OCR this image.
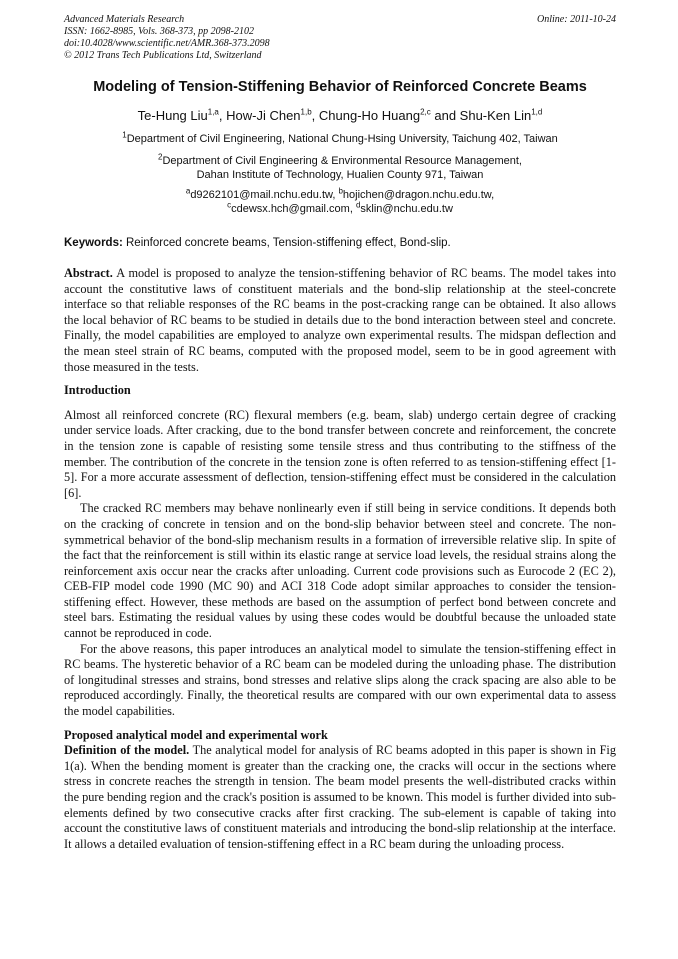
Advanced Materials Research
ISSN: 1662-8985, Vols. 368-373, pp 2098-2102
doi:10.4028/www.scientific.net/AMR.368-373.2098
© 2012 Trans Tech Publications Ltd, Switzerland
Online: 2011-10-24
Modeling of Tension-Stiffening Behavior of Reinforced Concrete Beams
Te-Hung Liu$^{1,a}$, How-Ji Chen$^{1,b}$, Chung-Ho Huang$^{2,c}$ and Shu-Ken Lin$^{1,d}$
$^1$Department of Civil Engineering, National Chung-Hsing University, Taichung 402, Taiwan
$^2$Department of Civil Engineering & Environmental Resource Management,
Dahan Institute of Technology, Hualien County 971, Taiwan
$^a$d9262101@mail.nchu.edu.tw, $^b$hojichen@dragon.nchu.edu.tw,
$^c$cdewsx.hch@gmail.com, $^d$sklin@nchu.edu.tw
Keywords: Reinforced concrete beams, Tension-stiffening effect, Bond-slip.

Abstract. A model is proposed to analyze the tension-stiffening behavior of RC beams. The model takes into account the constitutive laws of constituent materials and the bond-slip relationship at the steel-concrete interface so that reliable responses of the RC beams in the post-cracking range can be obtained. It also allows the local behavior of RC beams to be studied in details due to the bond interaction between steel and concrete. Finally, the model capabilities are employed to analyze own experimental results. The midspan deflection and the mean steel strain of RC beams, computed with the proposed model, seem to be in good agreement with those measured in the tests.

Introduction

Almost all reinforced concrete (RC) flexural members (e.g. beam, slab) undergo certain degree of cracking under service loads. After cracking, due to the bond transfer between concrete and reinforcement, the concrete in the tension zone is capable of resisting some tensile stress and thus contributing to the stiffness of the member. The contribution of the concrete in the tension zone is often referred to as tension-stiffening effect [1-5]. For a more accurate assessment of deflection, tension-stiffening effect must be considered in the calculation [6].

The cracked RC members may behave nonlinearly even if still being in service conditions. It depends both on the cracking of concrete in tension and on the bond-slip behavior between steel and concrete. The non-symmetrical behavior of the bond-slip mechanism results in a formation of irreversible relative slip. In spite of the fact that the reinforcement is still within its elastic range at service load levels, the residual strains along the reinforcement axis occur near the cracks after unloading. Current code provisions such as Eurocode 2 (EC 2), CEB-FIP model code 1990 (MC 90) and ACI 318 Code adopt similar approaches to consider the tension-stiffening effect. However, these methods are based on the assumption of perfect bond between concrete and steel bars. Estimating the residual values by using these codes would be doubtful because the unloaded state cannot be reproduced in code.

For the above reasons, this paper introduces an analytical model to simulate the tension-stiffening effect in RC beams. The hysteretic behavior of a RC beam can be modeled during the unloading phase. The distribution of longitudinal stresses and strains, bond stresses and relative slips along the crack spacing are also able to be reproduced accordingly. Finally, the theoretical results are compared with our own experimental data to assess the model capabilities.

Proposed analytical model and experimental work

Definition of the model. The analytical model for analysis of RC beams adopted in this paper is shown in Fig 1(a). When the bending moment is greater than the cracking one, the cracks will occur in the sections where stress in concrete reaches the strength in tension. The beam model presents the well-distributed cracks within the pure bending region and the crack's position is assumed to be known. This model is further divided into sub-elements defined by two consecutive cracks after first cracking. The sub-element is capable of taking into account the constitutive laws of constituent materials and introducing the bond-slip relationship at the interface. It allows a detailed evaluation of tension-stiffening effect in a RC beam during the unloading process.
